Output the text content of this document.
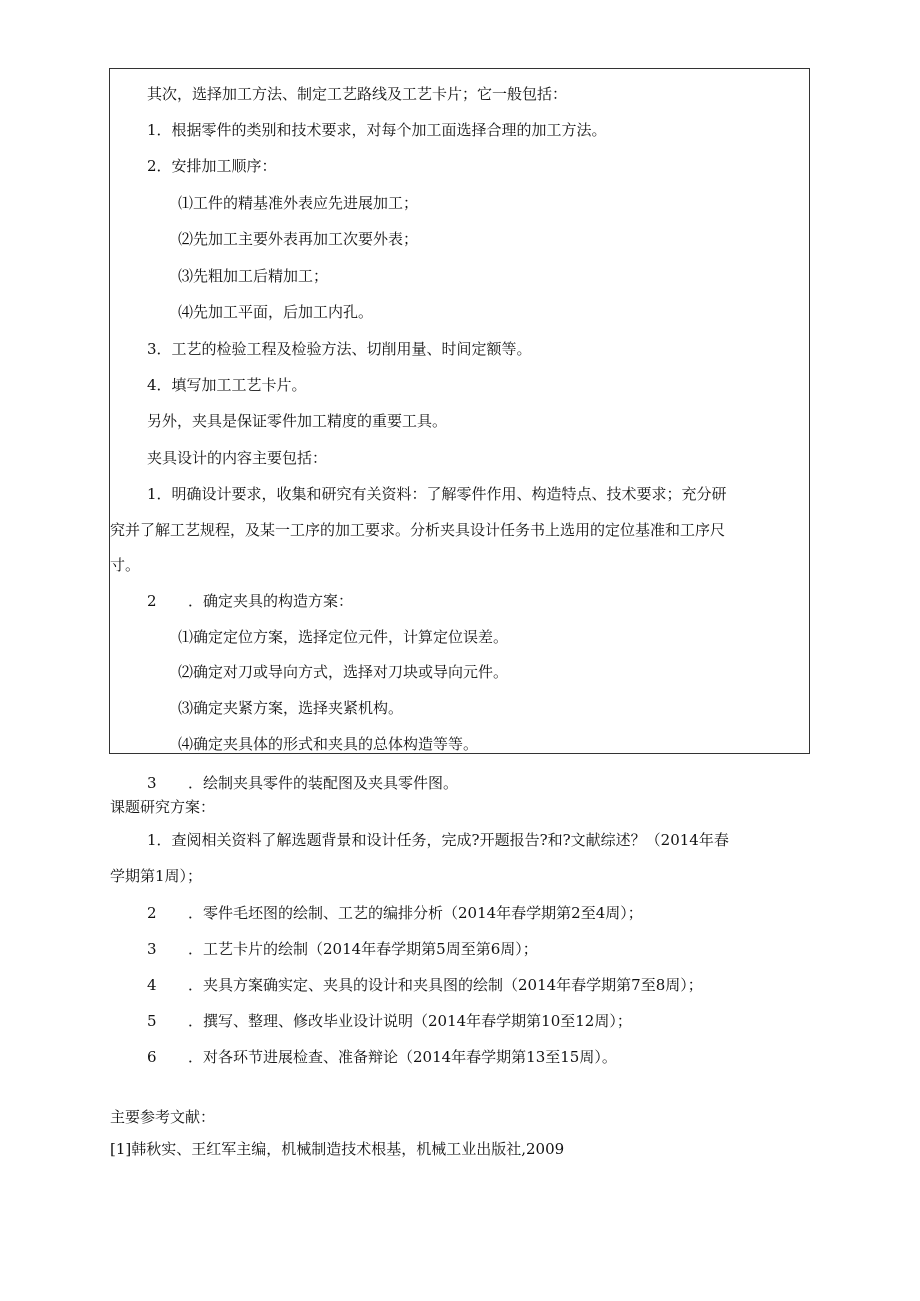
其次，选择加工方法、制定工艺路线及工艺卡片；它一般包括：
1．根据零件的类别和技术要求，对每个加工面选择合理的加工方法。
2．安排加工顺序：
⑴工件的精基准外表应先进展加工；
⑵先加工主要外表再加工次要外表；
⑶先粗加工后精加工；
⑷先加工平面，后加工内孔。
3．工艺的检验工程及检验方法、切削用量、时间定额等。
4．填写加工工艺卡片。
另外，夹具是保证零件加工精度的重要工具。
夹具设计的内容主要包括：
1．明确设计要求，收集和研究有关资料：了解零件作用、构造特点、技术要求；充分研
究并了解工艺规程，及某一工序的加工要求。分析夹具设计任务书上选用的定位基准和工序尺
寸。
2 ．确定夹具的构造方案：
⑴确定定位方案，选择定位元件，计算定位误差。
⑵确定对刀或导向方式，选择对刀块或导向元件。
⑶确定夹紧方案，选择夹紧机构。
⑷确定夹具体的形式和夹具的总体构造等等。
3 ．绘制夹具零件的装配图及夹具零件图。
课题研究方案：
1．查阅相关资料了解选题背景和设计任务，完成?开题报告?和?文献综述？（2014年春
学期第1周）；
2 ．零件毛坯图的绘制、工艺的编排分析（2014年春学期第2至4周）；
3 ．工艺卡片的绘制（2014年春学期第5周至第6周）；
4 ．夹具方案确实定、夹具的设计和夹具图的绘制（2014年春学期第7至8周）；
5 ．撰写、整理、修改毕业设计说明（2014年春学期第10至12周）；
6 ．对各环节进展检查、准备辩论（2014年春学期第13至15周）。
主要参考文献：
[1]韩秋实、王红军主编，机械制造技术根基，机械工业出版社,2009
